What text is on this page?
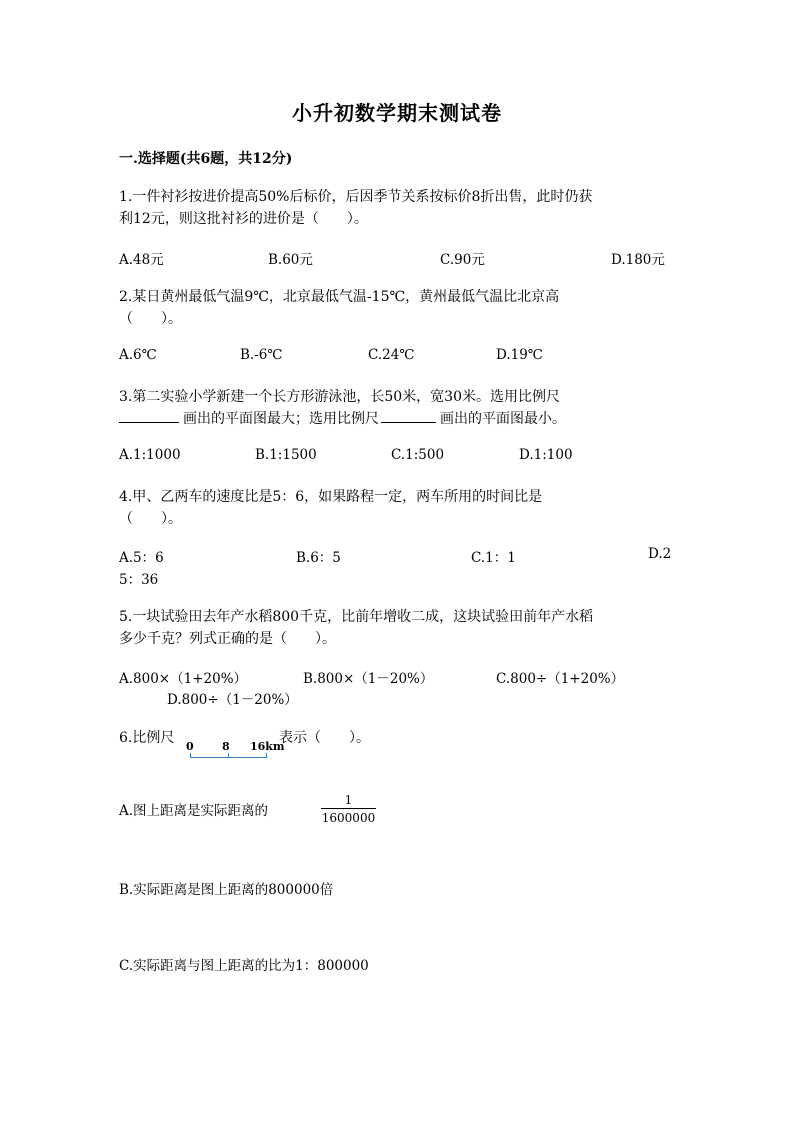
小升初数学期末测试卷
一.选择题(共6题，共12分)
1.一件衬衫按进价提高50%后标价，后因季节关系按标价8折出售，此时仍获
利12元，则这批衬衫的进价是（　　）。
A.48元	B.60元	C.90元	D.180元
2.某日黄州最低气温9℃，北京最低气温-15℃，黄州最低气温比北京高
（　　）。
A.6℃	B.-6℃	C.24℃	D.19℃
3.第二实验小学新建一个长方形游泳池，长50米，宽30米。选用比例尺
画出的平面图最大；选用比例尺	画出的平面图最小。
A.1:1000	B.1:1500	C.1:500	D.1:100
4.甲、乙两车的速度比是5：6，如果路程一定，两车所用的时间比是
（　　）。
A.5：6	B.6：5	C.1：1	D.2
5：36
5.一块试验田去年产水稻800千克，比前年增收二成，这块试验田前年产水稻
多少千克？列式正确的是（　　）。
A.800×（1+20%）	B.800×（1－20%）	C.800÷（1+20%）
D.800÷（1－20%）
6.比例尺
0	8 16km
表示（　　）。
A.图上距离是实际距离的
1
1600000
B.实际距离是图上距离的800000倍
C.实际距离与图上距离的比为1：800000
